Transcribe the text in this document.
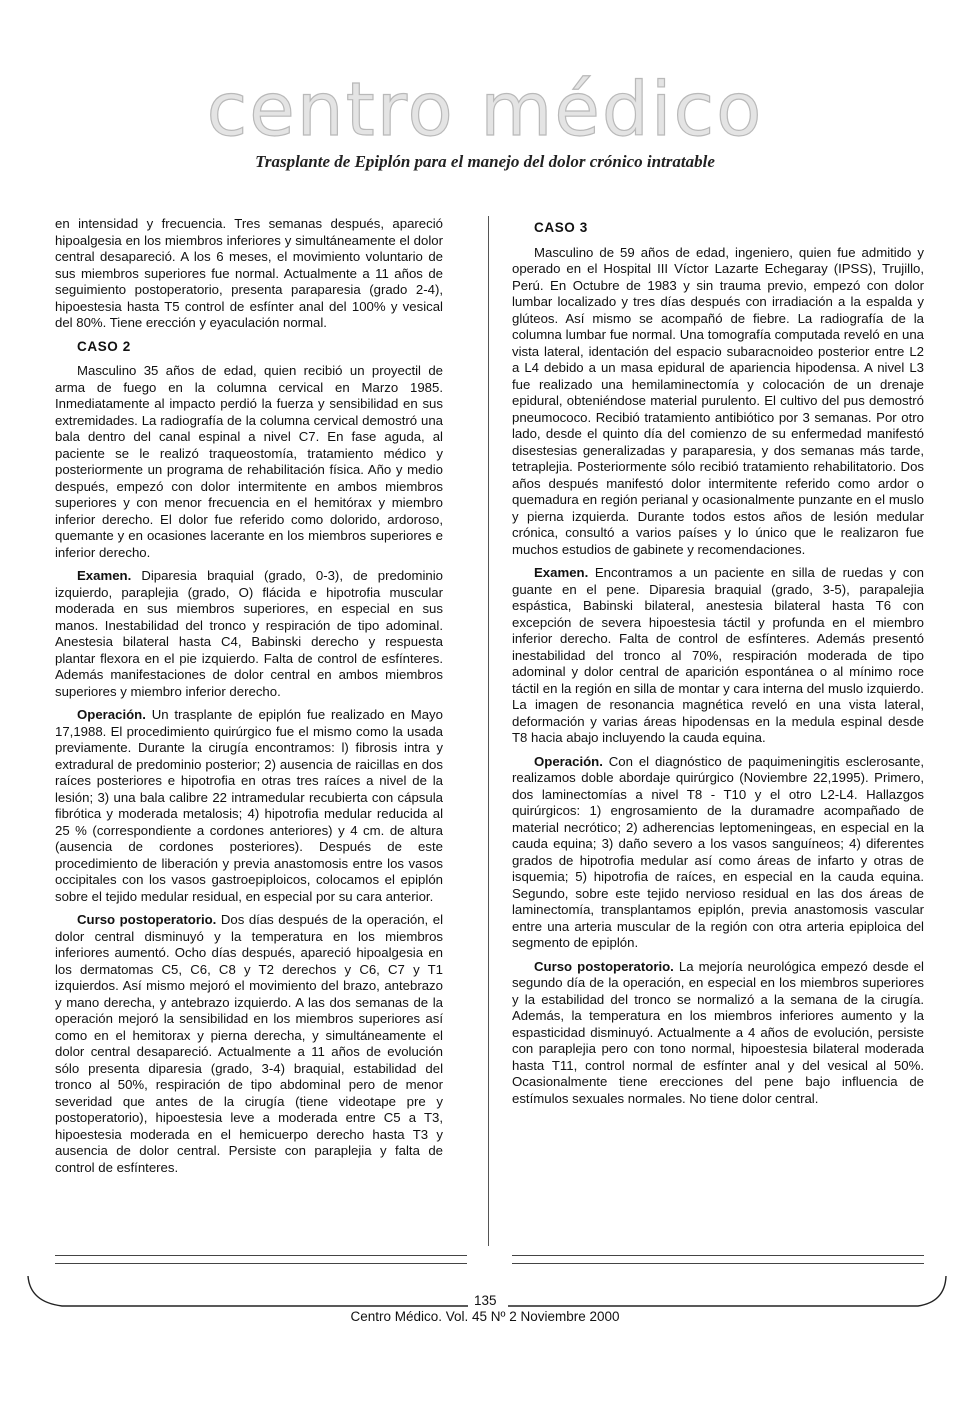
centro médico
Trasplante de Epiplón para el manejo del dolor crónico intratable

en intensidad y frecuencia. Tres semanas después, apareció hipoalgesia en los miembros inferiores y simultáneamente el dolor central desapareció. A los 6 meses, el movimiento voluntario de sus miembros superiores fue normal. Actualmente a 11 años de seguimiento postoperatorio, presenta paraparesia (grado 2-4), hipoestesia hasta T5 control de esfínter anal del 100% y vesical del 80%. Tiene erección y eyaculación normal.

CASO 2

Masculino 35 años de edad, quien recibió un proyectil de arma de fuego en la columna cervical en Marzo 1985. Inmediatamente al impacto perdió la fuerza y sensibilidad en sus extremidades. La radiografía de la columna cervical demostró una bala dentro del canal espinal a nivel C7. En fase aguda, al paciente se le realizó traqueostomía, tratamiento médico y posteriormente un programa de rehabilitación física. Año y medio después, empezó con dolor intermitente en ambos miembros superiores y con menor frecuencia en el hemitórax y miembro inferior derecho. El dolor fue referido como dolorido, ardoroso, quemante y en ocasiones lacerante en los miembros superiores e inferior derecho.

Examen. Diparesia braquial (grado, 0-3), de predominio izquierdo, paraplejia (grado, O) flácida e hipotrofia muscular moderada en sus miembros superiores, en especial en sus manos. Inestabilidad del tronco y respiración de tipo adominal. Anestesia bilateral hasta C4, Babinski derecho y respuesta plantar flexora en el pie izquierdo. Falta de control de esfínteres. Además manifestaciones de dolor central en ambos miembros superiores y miembro inferior derecho.

Operación. Un trasplante de epiplón fue realizado en Mayo 17,1988. El procedimiento quirúrgico fue el mismo como la usada previamente. Durante la cirugía encontramos: l) fibrosis intra y extradural de predominio posterior; 2) ausencia de raicillas en dos raíces posteriores e hipotrofia en otras tres raíces a nivel de la lesión; 3) una bala calibre 22 intramedular recubierta con cápsula fibrótica y moderada metalosis; 4) hipotrofia medular reducida al 25 % (correspondiente a cordones anteriores) y 4 cm. de altura (ausencia de cordones posteriores). Después de este procedimiento de liberación y previa anastomosis entre los vasos occipitales con los vasos gastroepiploicos, colocamos el epiplón sobre el tejido medular residual, en especial por su cara anterior.

Curso postoperatorio. Dos días después de la operación, el dolor central disminuyó y la temperatura en los miembros inferiores aumentó. Ocho días después, apareció hipoalgesia en los dermatomas C5, C6, C8 y T2 derechos y C6, C7 y T1 izquierdos. Así mismo mejoró el movimiento del brazo, antebrazo y mano derecha, y antebrazo izquierdo. A las dos semanas de la operación mejoró la sensibilidad en los miembros superiores así como en el hemitorax y pierna derecha, y simultáneamente el dolor central desapareció. Actualmente a 11 años de evolución sólo presenta diparesia (grado, 3-4) braquial, estabilidad del tronco al 50%, respiración de tipo abdominal pero de menor severidad que antes de la cirugía (tiene videotape pre y postoperatorio), hipoestesia leve a moderada entre C5 a T3, hipoestesia moderada en el hemicuerpo derecho hasta T3 y ausencia de dolor central. Persiste con paraplejia y falta de control de esfínteres.

CASO 3

Masculino de 59 años de edad, ingeniero, quien fue admitido y operado en el Hospital III Víctor Lazarte Echegaray (IPSS), Trujillo, Perú. En Octubre de 1983 y sin trauma previo, empezó con dolor lumbar localizado y tres días después con irradiación a la espalda y glúteos. Así mismo se acompañó de fiebre. La radiografía de la columna lumbar fue normal. Una tomografía computada reveló en una vista lateral, identación del espacio subaracnoideo posterior entre L2 a L4 debido a un masa epidural de apariencia hipodensa. A nivel L3 fue realizado una hemilaminectomía y colocación de un drenaje epidural, obteniéndose material purulento. El cultivo del pus demostró pneumococo. Recibió tratamiento antibiótico por 3 semanas. Por otro lado, desde el quinto día del comienzo de su enfermedad manifestó disestesias generalizadas y paraparesia, y dos semanas más tarde, tetraplejia. Posteriormente sólo recibió tratamiento rehabilitatorio. Dos años después manifestó dolor intermitente referido como ardor o quemadura en región perianal y ocasionalmente punzante en el muslo y pierna izquierda. Durante todos estos años de lesión medular crónica, consultó a varios países y lo único que le realizaron fue muchos estudios de gabinete y recomendaciones.

Examen. Encontramos a un paciente en silla de ruedas y con guante en el pene. Diparesia braquial (grado, 3-5), parapalejia espástica, Babinski bilateral, anestesia bilateral hasta T6 con excepción de severa hipoestesia táctil y profunda en el miembro inferior derecho. Falta de control de esfínteres. Además presentó inestabilidad del tronco al 70%, respiración moderada de tipo adominal y dolor central de aparición espontánea o al mínimo roce táctil en la región en silla de montar y cara interna del muslo izquierdo. La imagen de resonancia magnética reveló en una vista lateral, deformación y varias áreas hipodensas en la medula espinal desde T8 hacia abajo incluyendo la cauda equina.

Operación. Con el diagnóstico de paquimeningitis esclerosante, realizamos doble abordaje quirúrgico (Noviembre 22,1995). Primero, dos laminectomías a nivel T8 - T10 y el otro L2-L4. Hallazgos quirúrgicos: 1) engrosamiento de la duramadre acompañado de material necrótico; 2) adherencias leptomeningeas, en especial en la cauda equina; 3) daño severo a los vasos sanguíneos; 4) diferentes grados de hipotrofia medular así como áreas de infarto y otras de isquemia; 5) hipotrofia de raíces, en especial en la cauda equina. Segundo, sobre este tejido nervioso residual en las dos áreas de laminectomía, transplantamos epiplón, previa anastomosis vascular entre una arteria muscular de la región con otra arteria epiploica del segmento de epiplón.

Curso postoperatorio. La mejoría neurológica empezó desde el segundo día de la operación, en especial en los miembros superiores y la estabilidad del tronco se normalizó a la semana de la cirugía. Además, la temperatura en los miembros inferiores aumento y la espasticidad disminuyó. Actualmente a 4 años de evolución, persiste con paraplejia pero con tono normal, hipoestesia bilateral moderada hasta T11, control normal de esfínter anal y del vesical al 50%. Ocasionalmente tiene erecciones del pene bajo influencia de estímulos sexuales normales. No tiene dolor central.

135
Centro Médico. Vol. 45 Nº 2 Noviembre 2000
